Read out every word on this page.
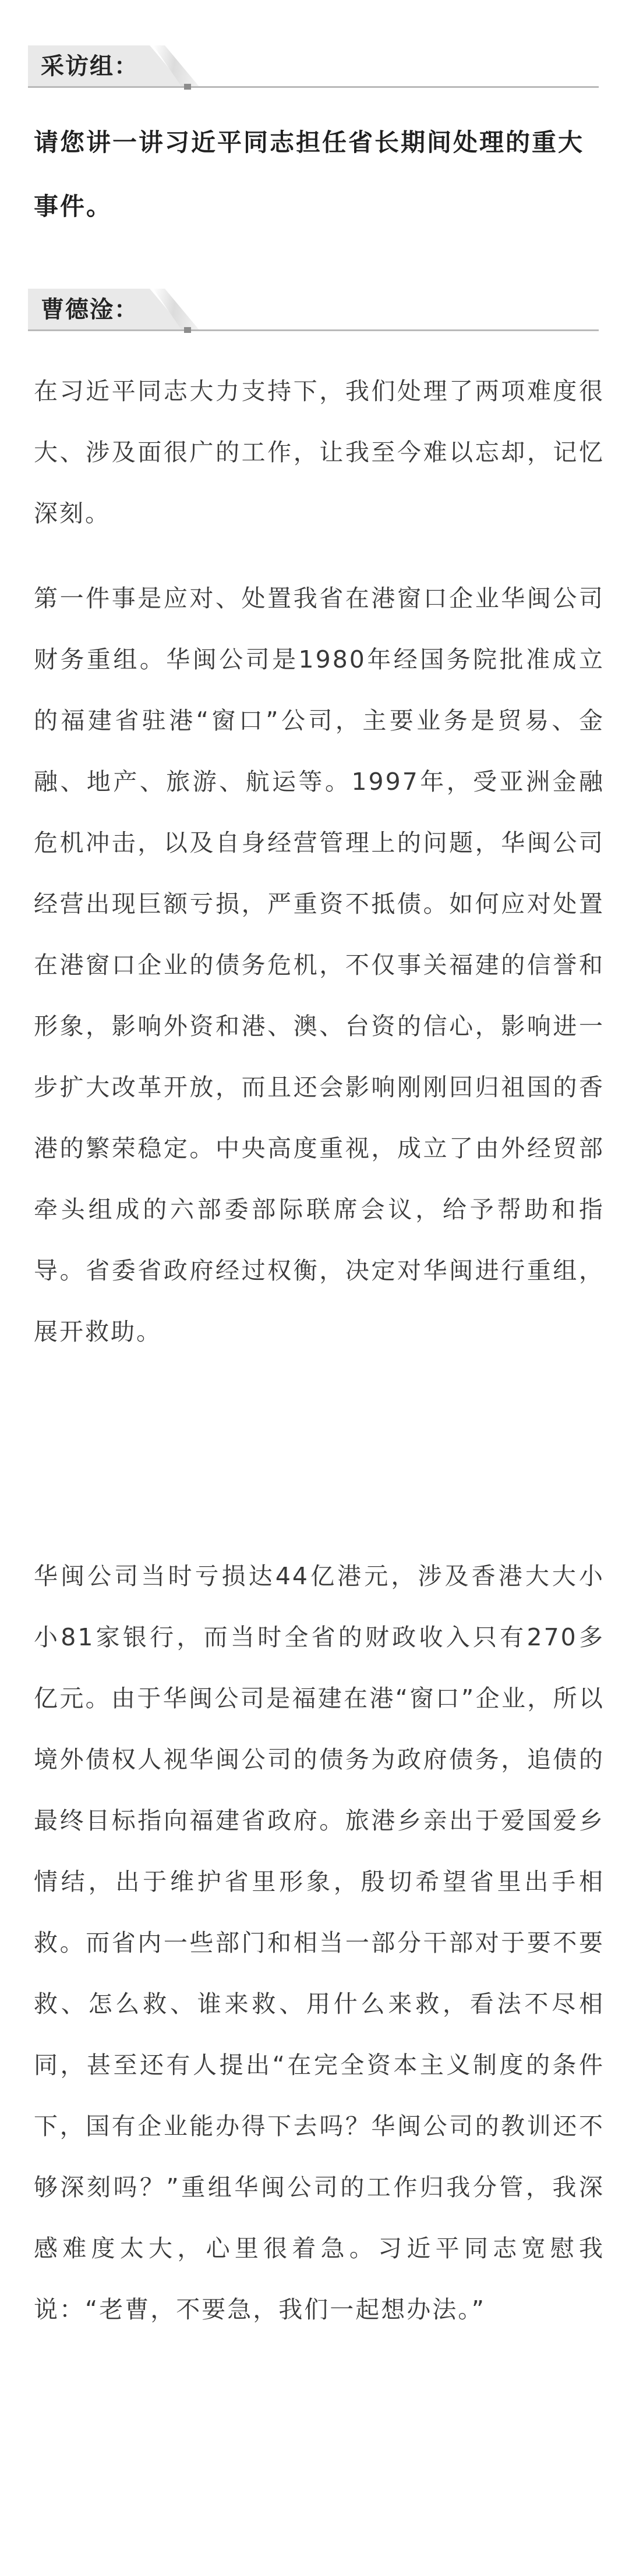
采访组：

请您讲一讲习近平同志担任省长期间处理的重大事件。

曹德淦：

在习近平同志大力支持下，我们处理了两项难度很大、涉及面很广的工作，让我至今难以忘却，记忆深刻。

第一件事是应对、处置我省在港窗口企业华闽公司财务重组。华闽公司是1980年经国务院批准成立的福建省驻港“窗口”公司，主要业务是贸易、金融、地产、旅游、航运等。1997年，受亚洲金融危机冲击，以及自身经营管理上的问题，华闽公司经营出现巨额亏损，严重资不抵债。如何应对处置在港窗口企业的债务危机，不仅事关福建的信誉和形象，影响外资和港、澳、台资的信心，影响进一步扩大改革开放，而且还会影响刚刚回归祖国的香港的繁荣稳定。中央高度重视，成立了由外经贸部牵头组成的六部委部际联席会议，给予帮助和指导。省委省政府经过权衡，决定对华闽进行重组，展开救助。

华闽公司当时亏损达44亿港元，涉及香港大大小小81家银行，而当时全省的财政收入只有270多亿元。由于华闽公司是福建在港“窗口”企业，所以境外债权人视华闽公司的债务为政府债务，追债的最终目标指向福建省政府。旅港乡亲出于爱国爱乡情结，出于维护省里形象，殷切希望省里出手相救。而省内一些部门和相当一部分干部对于要不要救、怎么救、谁来救、用什么来救，看法不尽相同，甚至还有人提出“在完全资本主义制度的条件下，国有企业能办得下去吗？华闽公司的教训还不够深刻吗？”重组华闽公司的工作归我分管，我深感难度太大，心里很着急。习近平同志宽慰我说：“老曹，不要急，我们一起想办法。”
